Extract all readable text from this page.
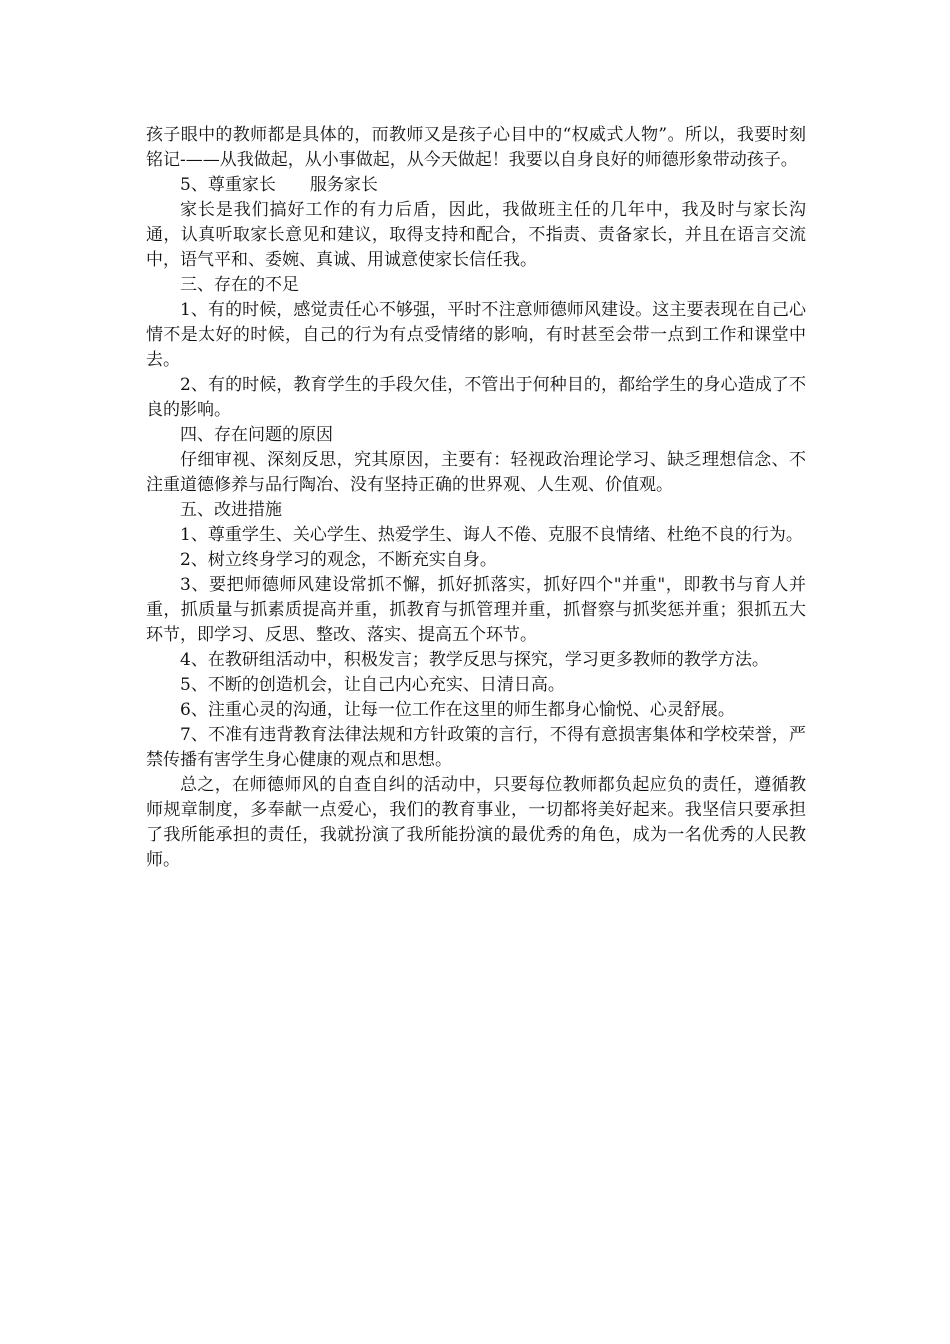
孩子眼中的教师都是具体的，而教师又是孩子心目中的“权威式人物”。所以，我要时刻铭记-——从我做起，从小事做起，从今天做起！我要以自身良好的师德形象带动孩子。

5、尊重家长　　服务家长

家长是我们搞好工作的有力后盾，因此，我做班主任的几年中，我及时与家长沟通，认真听取家长意见和建议，取得支持和配合，不指责、责备家长，并且在语言交流中，语气平和、委婉、真诚、用诚意使家长信任我。

三、存在的不足

1、有的时候，感觉责任心不够强，平时不注意师德师风建设。这主要表现在自己心情不是太好的时候，自己的行为有点受情绪的影响，有时甚至会带一点到工作和课堂中去。

2、有的时候，教育学生的手段欠佳，不管出于何种目的，都给学生的身心造成了不良的影响。

四、存在问题的原因

仔细审视、深刻反思，究其原因，主要有：轻视政治理论学习、缺乏理想信念、不注重道德修养与品行陶冶、没有坚持正确的世界观、人生观、价值观。

五、改进措施

1、尊重学生、关心学生、热爱学生、诲人不倦、克服不良情绪、杜绝不良的行为。

2、树立终身学习的观念，不断充实自身。

3、要把师德师风建设常抓不懈，抓好抓落实，抓好四个"并重"，即教书与育人并重，抓质量与抓素质提高并重，抓教育与抓管理并重，抓督察与抓奖惩并重；狠抓五大环节，即学习、反思、整改、落实、提高五个环节。

4、在教研组活动中，积极发言；教学反思与探究，学习更多教师的教学方法。

5、不断的创造机会，让自己内心充实、日清日高。

6、注重心灵的沟通，让每一位工作在这里的师生都身心愉悦、心灵舒展。

7、不准有违背教育法律法规和方针政策的言行，不得有意损害集体和学校荣誉，严禁传播有害学生身心健康的观点和思想。

总之，在师德师风的自查自纠的活动中，只要每位教师都负起应负的责任，遵循教师规章制度，多奉献一点爱心，我们的教育事业，一切都将美好起来。我坚信只要承担了我所能承担的责任，我就扮演了我所能扮演的最优秀的角色，成为一名优秀的人民教师。
